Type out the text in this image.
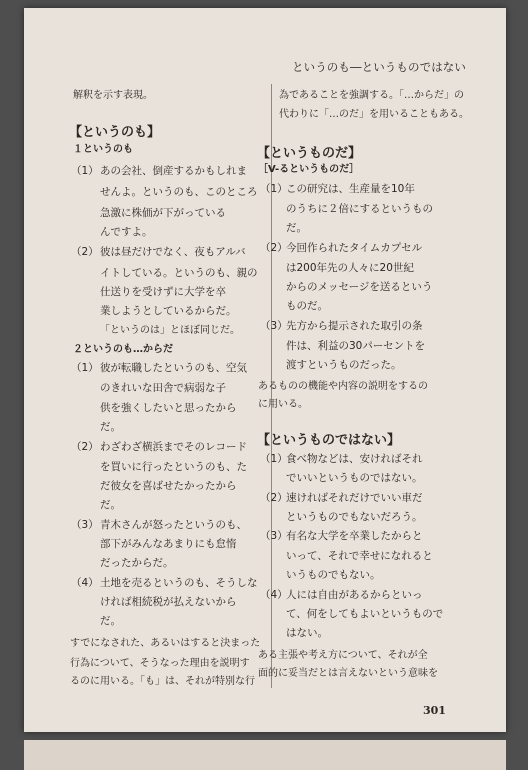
というのも―というものではない
解釈を示す表現。
【というのも】
１というのも
（1） あの会社、倒産するかもしれま
せんよ。というのも、このところ
急激に株価が下がっている
んですよ。
（2） 彼は昼だけでなく、夜もアルバ
イトしている。というのも、親の
仕送りを受けずに大学を卒
業しようとしているからだ。
「というのは」とほぼ同じだ。
２というのも…からだ
（1） 彼が転職したというのも、空気
のきれいな田舎で病弱な子
供を強くしたいと思ったから
だ。
（2） わざわざ横浜までそのレコード
を買いに行ったというのも、た
だ彼女を喜ばせたかったから
だ。
（3） 青木さんが怒ったというのも、
部下がみんなあまりにも怠惰
だったからだ。
（4） 土地を売るというのも、そうしな
ければ相続税が払えないから
だ。
すでになされた、あるいはすると決まった
行為について、そうなった理由を説明す
るのに用いる。「も」は、それが特別な行
為であることを強調する。「…からだ」の
代わりに「…のだ」を用いることもある。
【というものだ】
［V-るというものだ］
（1）
この研究は、生産量を10年
のうちに２倍にするというもの
だ。
（2）
今回作られたタイムカプセル
は200年先の人々に20世紀
からのメッセージを送るという
ものだ。
（3）
先方から提示された取引の条
件は、利益の30パーセントを
渡すというものだった。
あるものの機能や内容の説明をするの
に用いる。
【というものではない】
（1）
食べ物などは、安ければそれ
でいいというものではない。
（2）
速ければそれだけでいい車だ
というものでもないだろう。
（3）
有名な大学を卒業したからと
いって、それで幸せになれると
いうものでもない。
（4）
人には自由があるからといっ
て、何をしてもよいというもので
はない。
ある主張や考え方について、それが全
面的に妥当だとは言えないという意味を
301
